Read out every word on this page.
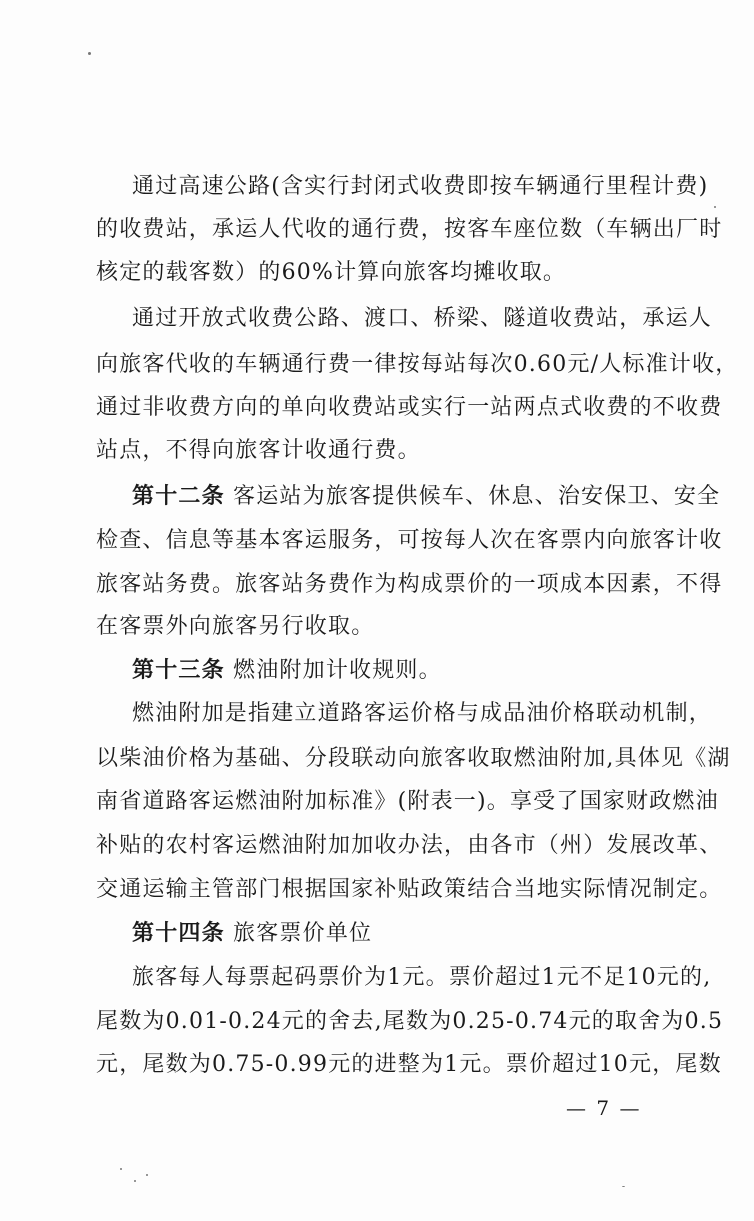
通过高速公路(含实行封闭式收费即按车辆通行里程计费)
的收费站，承运人代收的通行费，按客车座位数（车辆出厂时
核定的载客数）的60%计算向旅客均摊收取。
通过开放式收费公路、渡口、桥梁、隧道收费站，承运人
向旅客代收的车辆通行费一律按每站每次0.60元/人标准计收，
通过非收费方向的单向收费站或实行一站两点式收费的不收费
站点，不得向旅客计收通行费。
第十二条 客运站为旅客提供候车、休息、治安保卫、安全
检查、信息等基本客运服务，可按每人次在客票内向旅客计收
旅客站务费。旅客站务费作为构成票价的一项成本因素，不得
在客票外向旅客另行收取。
第十三条 燃油附加计收规则。
燃油附加是指建立道路客运价格与成品油价格联动机制，
以柴油价格为基础、分段联动向旅客收取燃油附加,具体见《湖
南省道路客运燃油附加标准》(附表一)。享受了国家财政燃油
补贴的农村客运燃油附加加收办法，由各市（州）发展改革、
交通运输主管部门根据国家补贴政策结合当地实际情况制定。
第十四条 旅客票价单位
旅客每人每票起码票价为1元。票价超过1元不足10元的,
尾数为0.01-0.24元的舍去,尾数为0.25-0.74元的取舍为0.5
元，尾数为0.75-0.99元的进整为1元。票价超过10元，尾数
— 7 —
